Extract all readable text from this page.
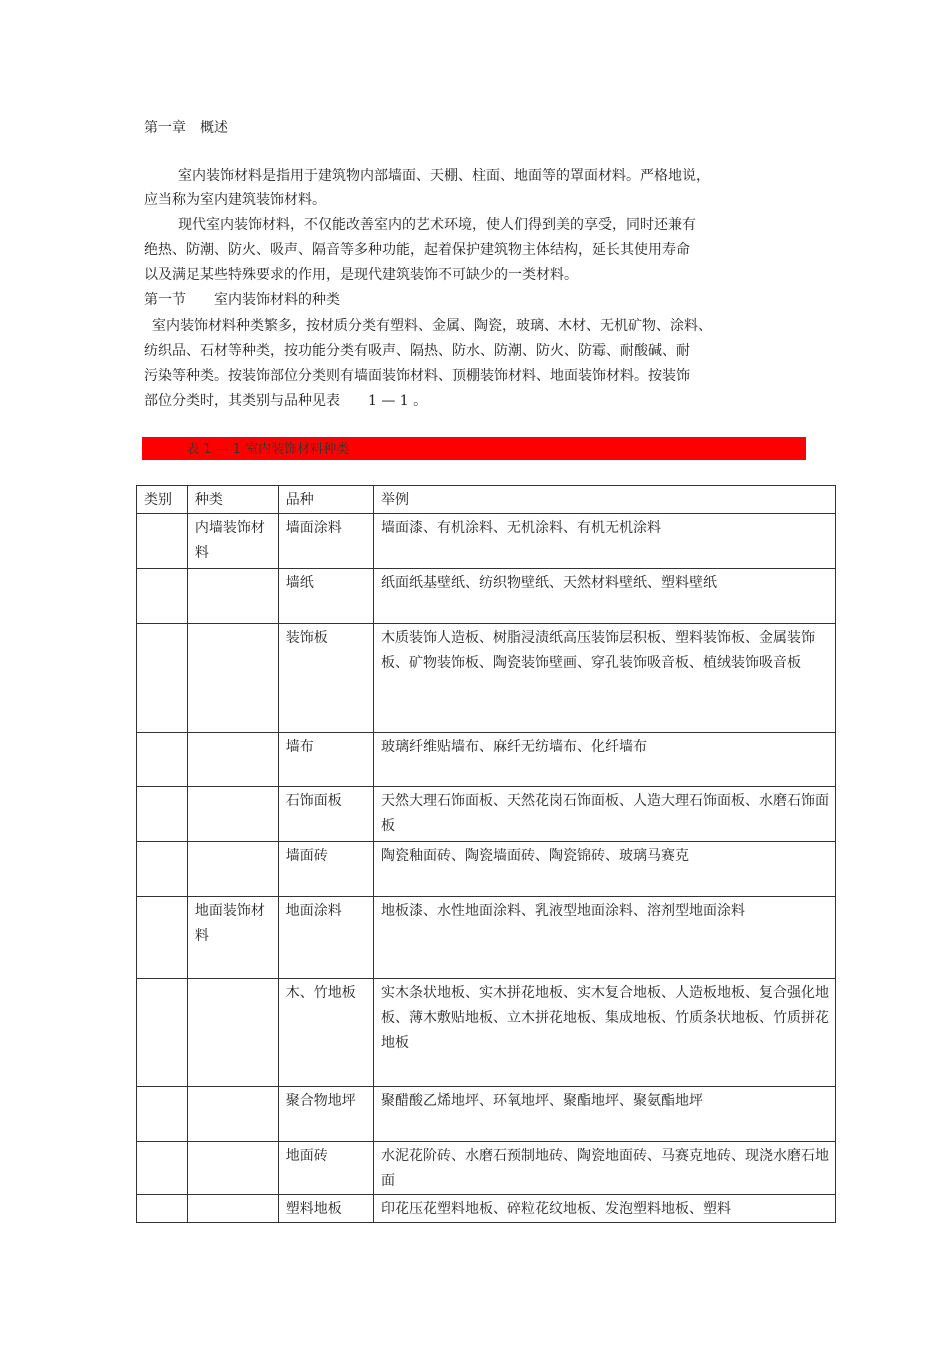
第一章　概述
室内装饰材料是指用于建筑物内部墙面、天棚、柱面、地面等的罩面材料。严格地说，
应当称为室内建筑装饰材料。
现代室内装饰材料，不仅能改善室内的艺术环境，使人们得到美的享受，同时还兼有
绝热、防潮、防火、吸声、隔音等多种功能，起着保护建筑物主体结构，延长其使用寿命
以及满足某些特殊要求的作用，是现代建筑装饰不可缺少的一类材料。
第一节　　室内装饰材料的种类
室内装饰材料种类繁多，按材质分类有塑料、金属、陶瓷，玻璃、木材、无机矿物、涂料、
纺织品、石材等种类，按功能分类有吸声、隔热、防水、防潮、防火、防霉、耐酸碱、耐
污染等种类。按装饰部位分类则有墙面装饰材料、顶棚装饰材料、地面装饰材料。按装饰
部位分类时，其类别与品种见表　　1 — 1 。
表 1 — 1 室内装饰材料种类
类别	种类	品种	举例
	内墙装饰材料	墙面涂料	墙面漆、有机涂料、无机涂料、有机无机涂料
		墙纸	纸面纸基壁纸、纺织物壁纸、天然材料壁纸、塑料壁纸
		装饰板	木质装饰人造板、树脂浸渍纸高压装饰层积板、塑料装饰板、金属装饰板、矿物装饰板、陶瓷装饰壁画、穿孔装饰吸音板、植绒装饰吸音板
		墙布	玻璃纤维贴墙布、麻纤无纺墙布、化纤墙布
		石饰面板	天然大理石饰面板、天然花岗石饰面板、人造大理石饰面板、水磨石饰面板
		墙面砖	陶瓷釉面砖、陶瓷墙面砖、陶瓷锦砖、玻璃马赛克
	地面装饰材料	地面涂料	地板漆、水性地面涂料、乳液型地面涂料、溶剂型地面涂料
		木、竹地板	实木条状地板、实木拼花地板、实木复合地板、人造板地板、复合强化地板、薄木敷贴地板、立木拼花地板、集成地板、竹质条状地板、竹质拼花地板
		聚合物地坪	聚醋酸乙烯地坪、环氧地坪、聚酯地坪、聚氨酯地坪
		地面砖	水泥花阶砖、水磨石预制地砖、陶瓷地面砖、马赛克地砖、现浇水磨石地面
		塑料地板	印花压花塑料地板、碎粒花纹地板、发泡塑料地板、塑料
